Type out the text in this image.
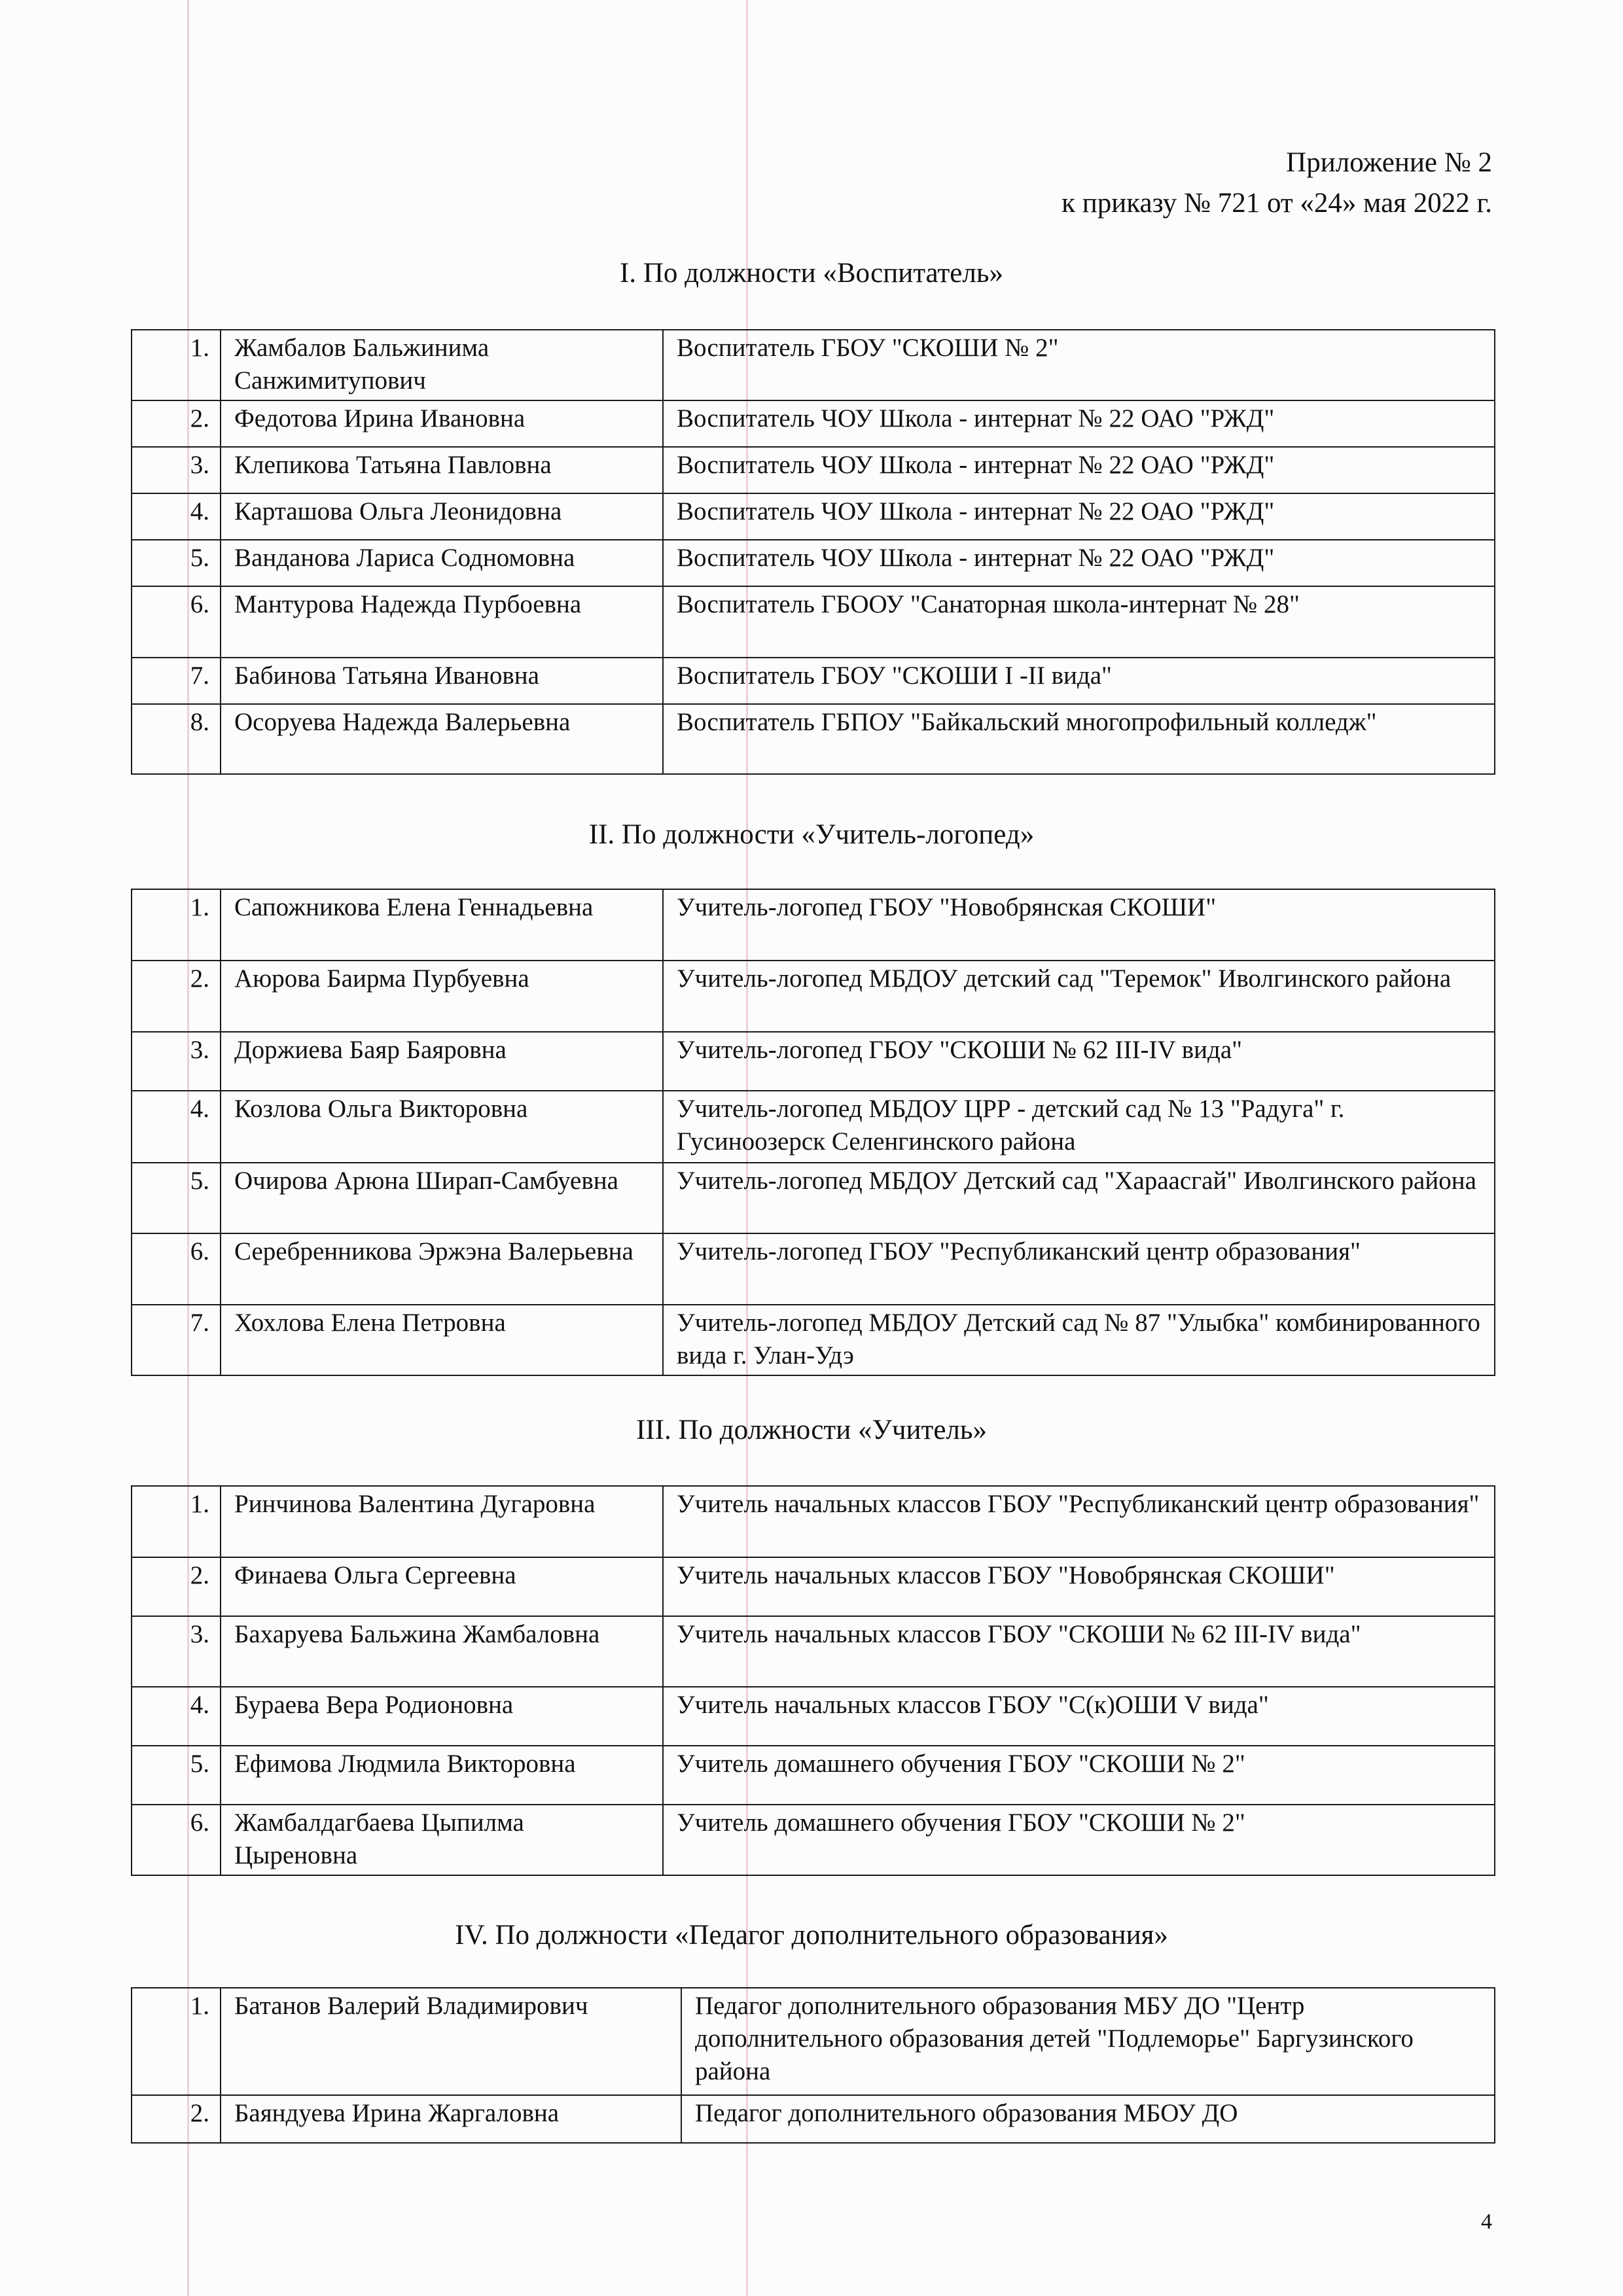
Приложение № 2
к приказу № 721 от «24» мая 2022 г.
I. По должности «Воспитатель»
1.	Жамбалов Бальжинима Санжимитупович	Воспитатель ГБОУ "СКОШИ № 2"
2.	Федотова Ирина Ивановна	Воспитатель ЧОУ Школа - интернат № 22 ОАО "РЖД"
3.	Клепикова Татьяна Павловна	Воспитатель ЧОУ Школа - интернат № 22 ОАО "РЖД"
4.	Карташова Ольга Леонидовна	Воспитатель ЧОУ Школа - интернат № 22 ОАО "РЖД"
5.	Ванданова Лариса Содномовна	Воспитатель ЧОУ Школа - интернат № 22 ОАО "РЖД"
6.	Мантурова Надежда Пурбоевна	Воспитатель ГБООУ "Санаторная школа-интернат № 28"
7.	Бабинова Татьяна Ивановна	Воспитатель ГБОУ "СКОШИ I -II вида"
8.	Осоруева Надежда Валерьевна	Воспитатель ГБПОУ "Байкальский многопрофильный колледж"
II. По должности «Учитель-логопед»
1.	Сапожникова Елена Геннадьевна	Учитель-логопед ГБОУ "Новобрянская СКОШИ"
2.	Аюрова Баирма Пурбуевна	Учитель-логопед МБДОУ детский сад "Теремок" Иволгинского района
3.	Доржиева Баяр Баяровна	Учитель-логопед ГБОУ "СКОШИ № 62 III-IV вида"
4.	Козлова Ольга Викторовна	Учитель-логопед МБДОУ ЦРР - детский сад № 13 "Радуга" г. Гусиноозерск Селенгинского района
5.	Очирова Арюна Ширап-Самбуевна	Учитель-логопед МБДОУ Детский сад "Хараасгай" Иволгинского района
6.	Серебренникова Эржэна Валерьевна	Учитель-логопед ГБОУ "Республиканский центр образования"
7.	Хохлова Елена Петровна	Учитель-логопед МБДОУ Детский сад № 87 "Улыбка" комбинированного вида г. Улан-Удэ
III. По должности «Учитель»
1.	Ринчинова Валентина Дугаровна	Учитель начальных классов ГБОУ "Республиканский центр образования"
2.	Финаева Ольга Сергеевна	Учитель начальных классов ГБОУ "Новобрянская СКОШИ"
3.	Бахаруева Бальжина Жамбаловна	Учитель начальных классов ГБОУ "СКОШИ № 62 III-IV вида"
4.	Бураева Вера Родионовна	Учитель начальных классов ГБОУ "С(к)ОШИ V вида"
5.	Ефимова Людмила Викторовна	Учитель домашнего обучения ГБОУ "СКОШИ № 2"
6.	Жамбалдагбаева Цыпилма Цыреновна	Учитель домашнего обучения ГБОУ "СКОШИ № 2"
IV. По должности «Педагог дополнительного образования»
1.	Батанов Валерий Владимирович	Педагог дополнительного образования МБУ ДО "Центр дополнительного образования детей "Подлеморье" Баргузинского района
2.	Баяндуева Ирина Жаргаловна	Педагог дополнительного образования МБОУ ДО
4
